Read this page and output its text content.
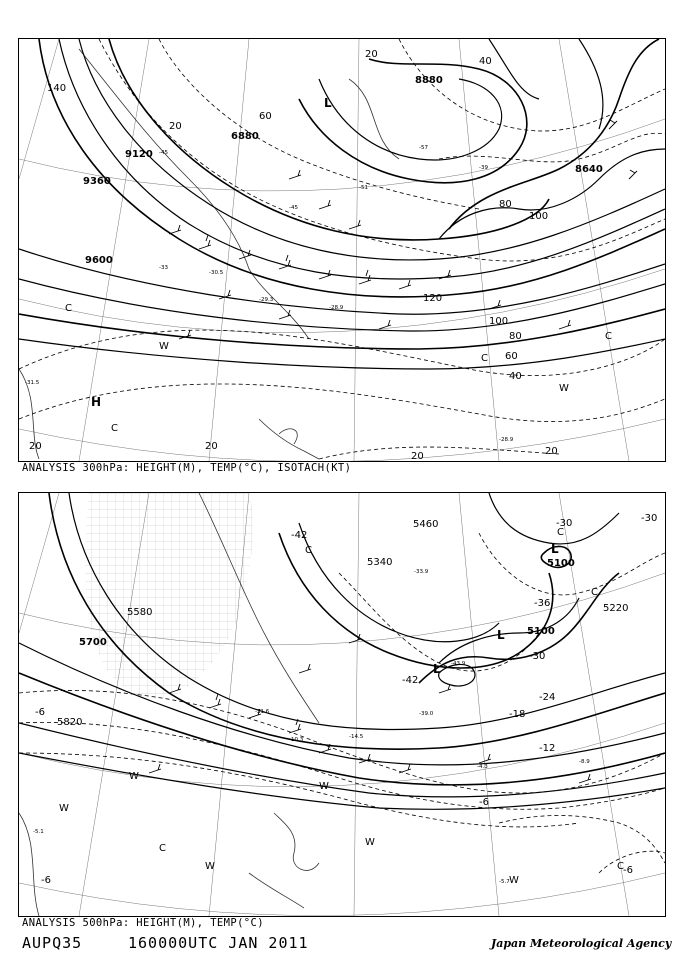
-33
-30.5
-29.3
-28.9
-31.5
-45
-51
-57
-39
-45
-28.9
9360
9120
9600
6880
8880
8640
140
20
60
20
40
100
80
120
100
80
60
40
20	20
20	20
L
H
C
C
C
C
W
W
ANALYSIS 300hPa: HEIGHT(M), TEMP(°C), ISOTACH(KT)
-43.9
-39.0
-33.9
-21.6
-14.5
-10.3
-8.9
-5.7
-4.3
-5.1
5700
5820
5340
5460
5100
5100
5220
5580
-42
-42
-36
-30
-30	-30
-24
-18
-12
-6
-6
-6
-6
L
L
L
C
C
C
C
C
W
W
W
W
W
W
ANALYSIS 500hPa: HEIGHT(M), TEMP(°C)
AUPQ35	160000UTC JAN 2011	Japan Meteorological Agency
